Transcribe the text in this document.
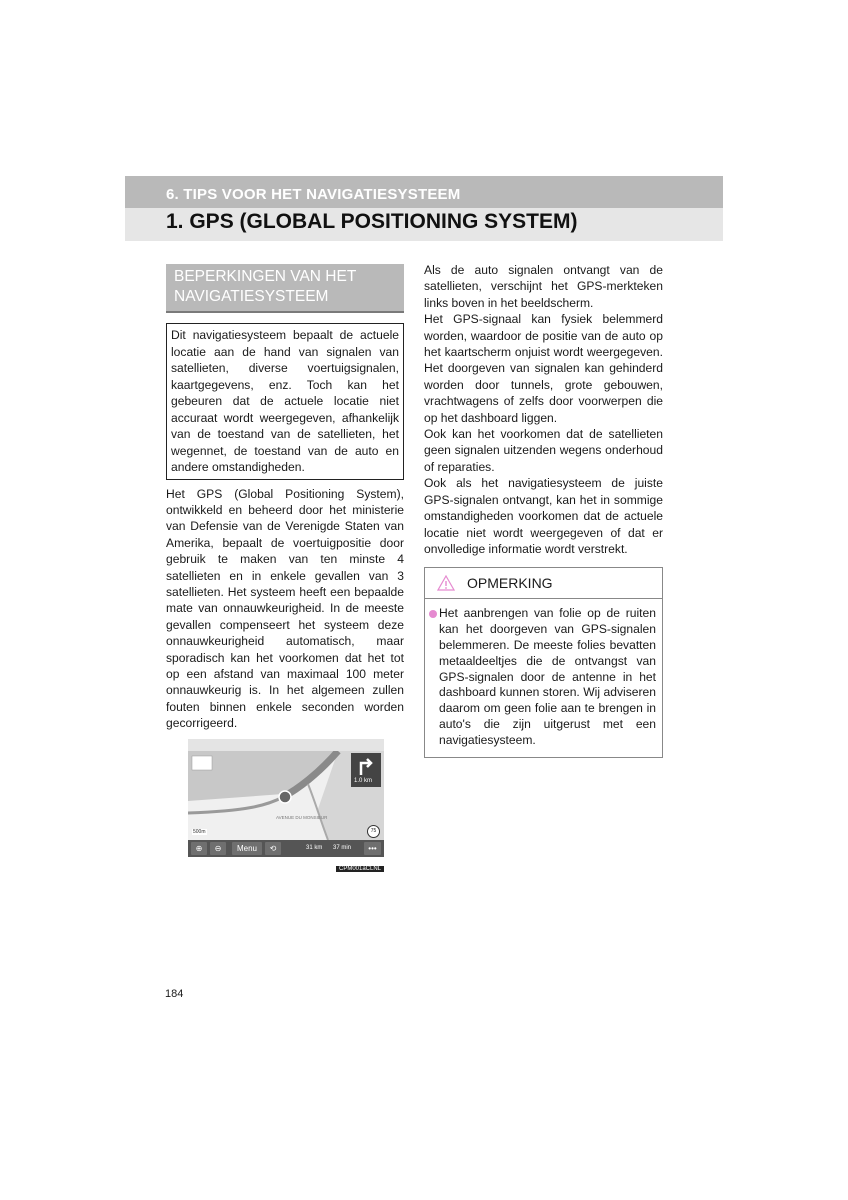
6. TIPS VOOR HET NAVIGATIESYSTEEM
1. GPS (GLOBAL POSITIONING SYSTEM)
BEPERKINGEN VAN HET
NAVIGATIESYSTEEM
Dit navigatiesysteem bepaalt de actuele locatie aan de hand van signalen van satellieten, diverse voertuigsignalen, kaartgegevens, enz. Toch kan het gebeuren dat de actuele locatie niet accuraat wordt weergegeven, afhankelijk van de toestand van de satellieten, het wegennet, de toestand van de auto en andere omstandigheden.

Het GPS (Global Positioning System), ontwikkeld en beheerd door het ministerie van Defensie van de Verenigde Staten van Amerika, bepaalt de voertuigpositie door gebruik te maken van ten minste 4 satellieten en in enkele gevallen van 3 satellieten. Het systeem heeft een bepaalde mate van onnauwkeurigheid. In de meeste gevallen compenseert het systeem deze onnauwkeurigheid automatisch, maar sporadisch kan het voorkomen dat het tot op een afstand van maximaal 100 meter onnauwkeurig is. In het algemeen zullen fouten binnen enkele seconden worden gecorrigeerd.

1.0 km
AVENUE DU MONSIEUR
500m	75
⊕	⊖	Menu	⟲	31 km 37 min	•••
CPM001aCLNL

Als de auto signalen ontvangt van de satellieten, verschijnt het GPS-merkteken links boven in het beeldscherm.

Het GPS-signaal kan fysiek belemmerd worden, waardoor de positie van de auto op het kaartscherm onjuist wordt weergegeven. Het doorgeven van signalen kan gehinderd worden door tunnels, grote gebouwen, vrachtwagens of zelfs door voorwerpen die op het dashboard liggen.

Ook kan het voorkomen dat de satellieten geen signalen uitzenden wegens onderhoud of reparaties.

Ook als het navigatiesysteem de juiste GPS-signalen ontvangt, kan het in sommige omstandigheden voorkomen dat de actuele locatie niet wordt weergegeven of dat er onvolledige informatie wordt verstrekt.

OPMERKING
Het aanbrengen van folie op de ruiten kan het doorgeven van GPS-signalen belemmeren. De meeste folies bevatten metaaldeeltjes die de ontvangst van GPS-signalen door de antenne in het dashboard kunnen storen. Wij adviseren daarom om geen folie aan te brengen in auto's die zijn uitgerust met een navigatiesysteem.
184
